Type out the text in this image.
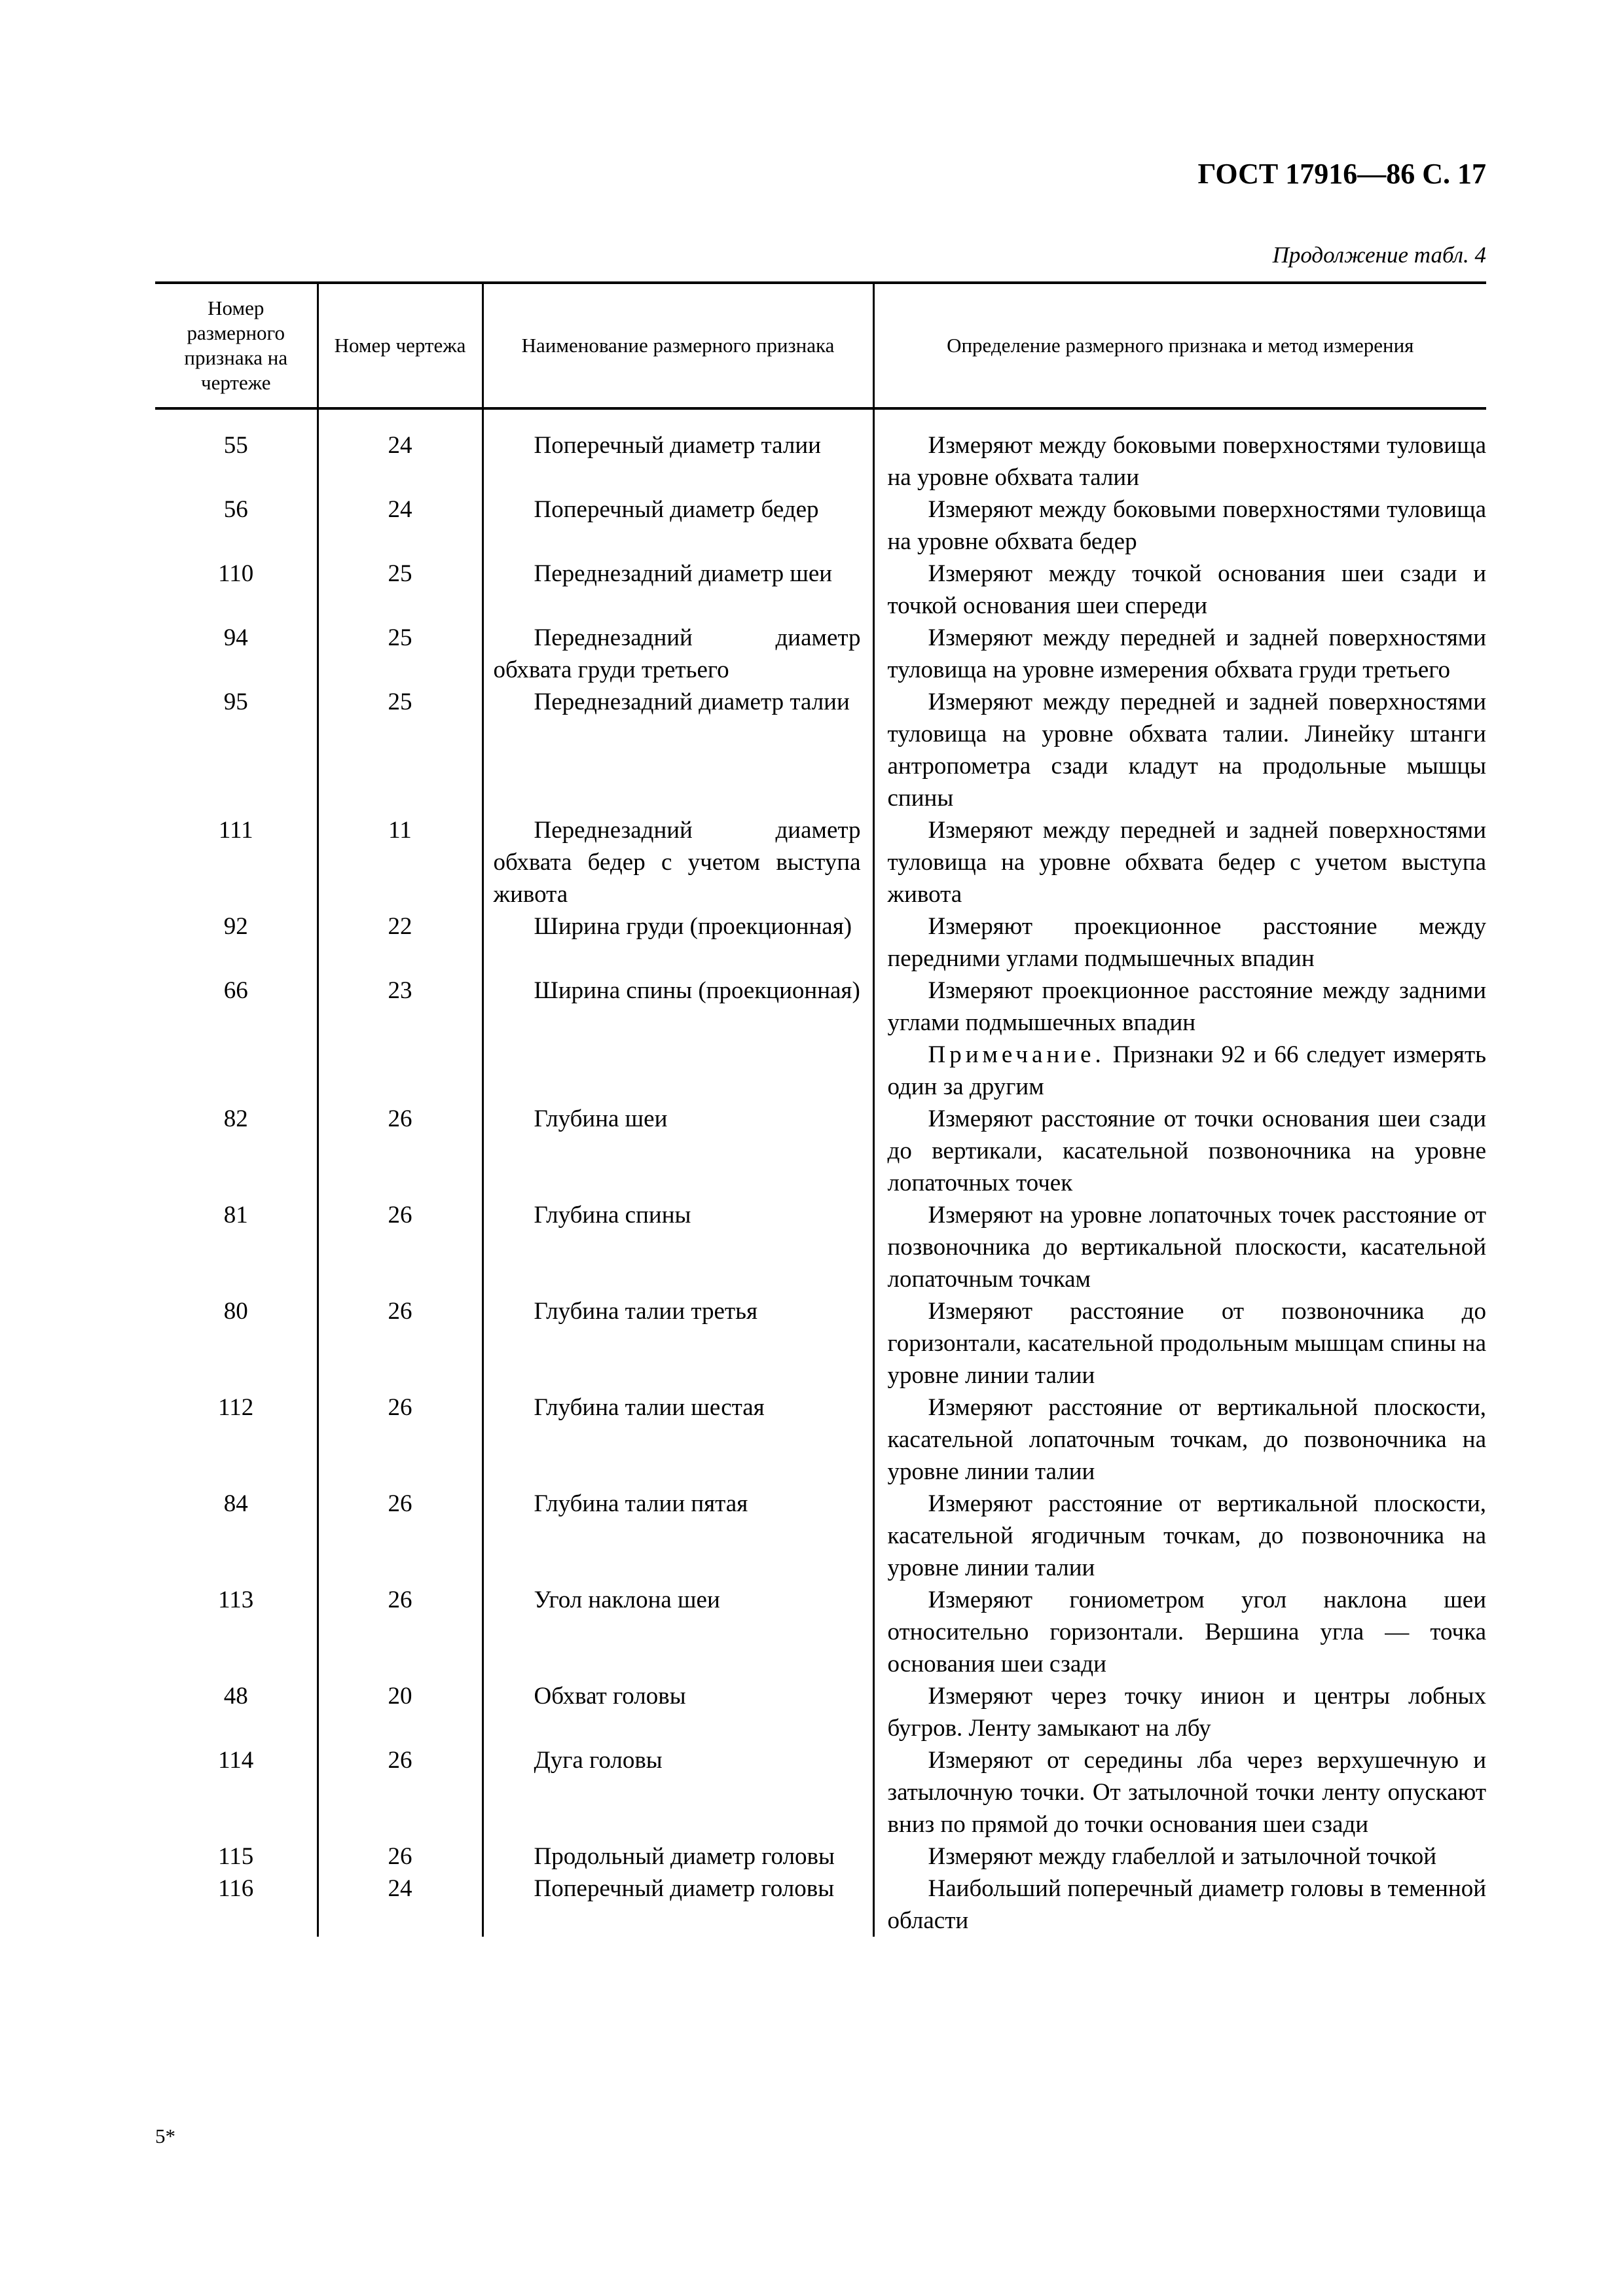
ГОСТ 17916—86 С. 17
Продолжение табл. 4
Номер размерного признака на чертеже	Номер чертежа	Наименование размерного признака	Определение размерного признака и метод измерения

55	24	Поперечный диаметр талии	Измеряют между боковыми поверхностями туловища на уровне обхвата талии

56	24	Поперечный диаметр бедер	Измеряют между боковыми поверхностями туловища на уровне обхвата бедер

110	25	Переднезадний диаметр шеи	Измеряют между точкой основания шеи сзади и точкой основания шеи спереди

94	25	Переднезадний диаметр обхвата груди третьего	Измеряют между передней и задней поверхностями туловища на уровне измерения обхвата груди третьего

95	25	Переднезадний диаметр талии	Измеряют между передней и задней поверхностями туловища на уровне обхвата талии. Линейку штанги антропометра сзади кладут на продольные мышцы спины

111	11	Переднезадний диаметр обхвата бедер с учетом выступа живота	Измеряют между передней и задней поверхностями туловища на уровне обхвата бедер с учетом выступа живота

92	22	Ширина груди (проекционная)	Измеряют проекционное расстояние между передними углами подмышечных впадин

66	23	Ширина спины (проекционная)	Измеряют проекционное расстояние между задними углами подмышечных впадин
Примечание. Признаки 92 и 66 следует измерять один за другим

82	26	Глубина шеи	Измеряют расстояние от точки основания шеи сзади до вертикали, касательной позвоночника на уровне лопаточных точек

81	26	Глубина спины	Измеряют на уровне лопаточных точек расстояние от позвоночника до вертикальной плоскости, касательной лопаточным точкам

80	26	Глубина талии третья	Измеряют расстояние от позвоночника до горизонтали, касательной продольным мышцам спины на уровне линии талии

112	26	Глубина талии шестая	Измеряют расстояние от вертикальной плоскости, касательной лопаточным точкам, до позвоночника на уровне линии талии

84	26	Глубина талии пятая	Измеряют расстояние от вертикальной плоскости, касательной ягодичным точкам, до позвоночника на уровне линии талии

113	26	Угол наклона шеи	Измеряют гониометром угол наклона шеи относительно горизонтали. Вершина угла — точка основания шеи сзади

48	20	Обхват головы	Измеряют через точку инион и центры лобных бугров. Ленту замыкают на лбу

114	26	Дуга головы	Измеряют от середины лба через верхушечную и затылочную точки. От затылочной точки ленту опускают вниз по прямой до точки основания шеи сзади

115	26	Продольный диаметр головы	Измеряют между глабеллой и затылочной точкой

116	24	Поперечный диаметр головы	Наибольший поперечный диаметр головы в теменной области
5*
